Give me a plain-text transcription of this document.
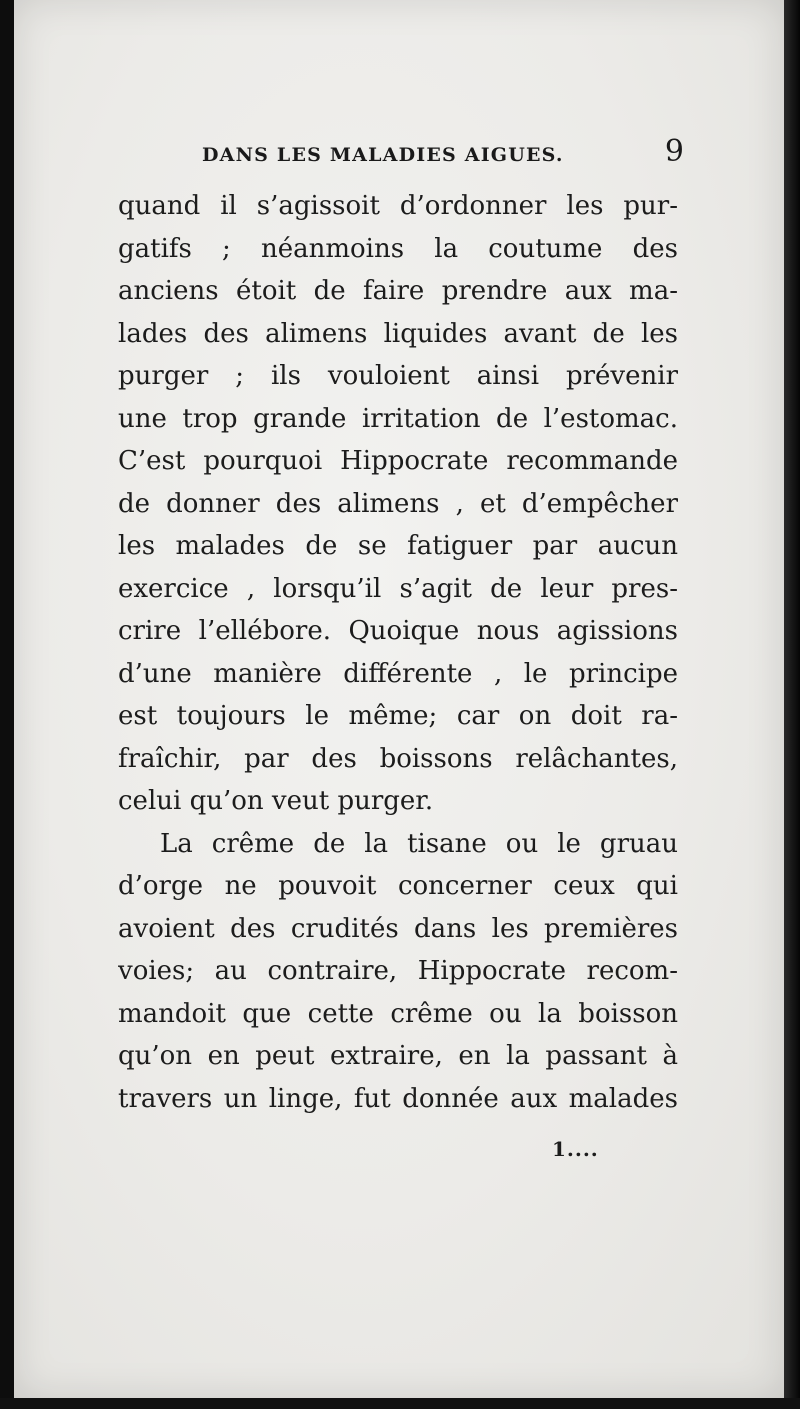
DANS LES MALADIES AIGUES.	9
quand il s’agissoit d’ordonner les pur-
gatifs ; néanmoins la coutume des
anciens étoit de faire prendre aux ma-
lades des alimens liquides avant de les
purger ; ils vouloient ainsi prévenir
une trop grande irritation de l’estomac.
C’est pourquoi Hippocrate recommande
de donner des alimens , et d’empêcher
les malades de se fatiguer par aucun
exercice , lorsqu’il s’agit de leur pres-
crire l’ellébore. Quoique nous agissions
d’une manière différente , le principe
est toujours le même; car on doit ra-
fraîchir, par des boissons relâchantes,
celui qu’on veut purger.
La crême de la tisane ou le gruau
d’orge ne pouvoit concerner ceux qui
avoient des crudités dans les premières
voies; au contraire, Hippocrate recom-
mandoit que cette crême ou la boisson
qu’on en peut extraire, en la passant à
travers un linge, fut donnée aux malades
1....
